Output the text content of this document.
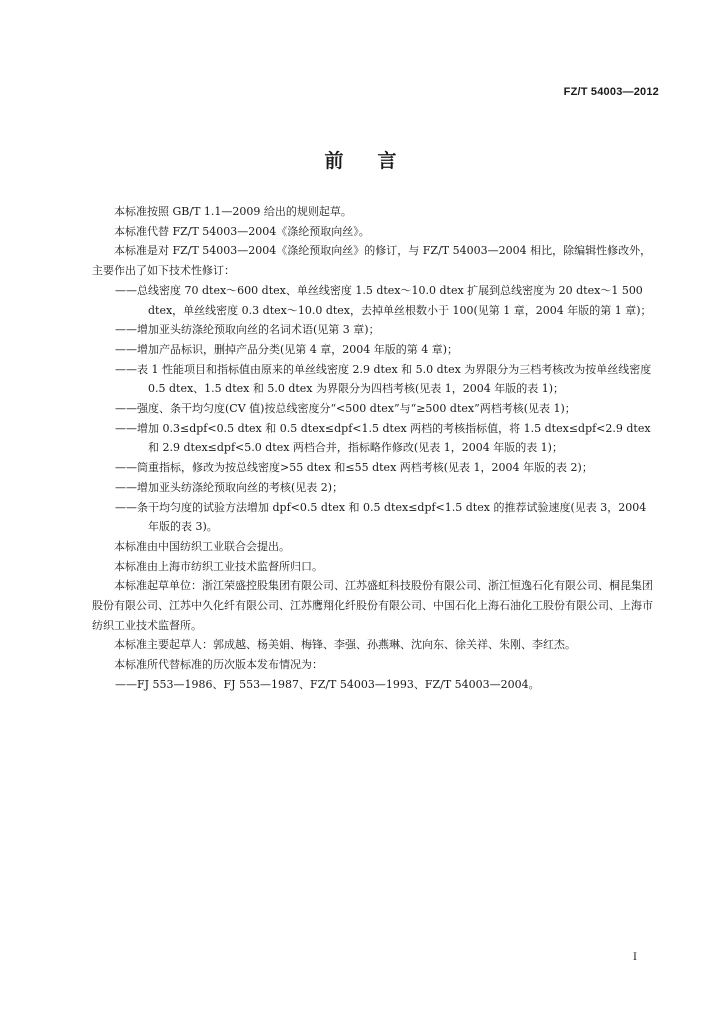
FZ/T 54003—2012
前言

本标准按照 GB/T 1.1—2009 给出的规则起草。

本标准代替 FZ/T 54003—2004《涤纶预取向丝》。

本标准是对 FZ/T 54003—2004《涤纶预取向丝》的修订，与 FZ/T 54003—2004 相比，除编辑性修改外，主要作出了如下技术性修订：

——总线密度 70 dtex～600 dtex、单丝线密度 1.5 dtex～10.0 dtex 扩展到总线密度为 20 dtex～1 500 dtex，单丝线密度 0.3 dtex～10.0 dtex，去掉单丝根数小于 100(见第 1 章，2004 年版的第 1 章)；

——增加亚头纺涤纶预取向丝的名词术语(见第 3 章)；

——增加产品标识，删掉产品分类(见第 4 章，2004 年版的第 4 章)；

——表 1 性能项目和指标值由原来的单丝线密度 2.9 dtex 和 5.0 dtex 为界限分为三档考核改为按单丝线密度 0.5 dtex、1.5 dtex 和 5.0 dtex 为界限分为四档考核(见表 1，2004 年版的表 1)；

——强度、条干均匀度(CV 值)按总线密度分“<500 dtex”与“≥500 dtex”两档考核(见表 1)；

——增加 0.3≤dpf<0.5 dtex 和 0.5 dtex≤dpf<1.5 dtex 两档的考核指标值，将 1.5 dtex≤dpf<2.9 dtex 和 2.9 dtex≤dpf<5.0 dtex 两档合并，指标略作修改(见表 1，2004 年版的表 1)；

——筒重指标，修改为按总线密度>55 dtex 和≤55 dtex 两档考核(见表 1，2004 年版的表 2)；

——增加亚头纺涤纶预取向丝的考核(见表 2)；

——条干均匀度的试验方法增加 dpf<0.5 dtex 和 0.5 dtex≤dpf<1.5 dtex 的推荐试验速度(见表 3，2004 年版的表 3)。

本标准由中国纺织工业联合会提出。

本标准由上海市纺织工业技术监督所归口。

本标准起草单位：浙江荣盛控股集团有限公司、江苏盛虹科技股份有限公司、浙江恒逸石化有限公司、桐昆集团股份有限公司、江苏中久化纤有限公司、江苏鹰翔化纤股份有限公司、中国石化上海石油化工股份有限公司、上海市纺织工业技术监督所。

本标准主要起草人：郭成越、杨美娟、梅锋、李强、孙燕琳、沈向东、徐关祥、朱刚、李红杰。

本标准所代替标准的历次版本发布情况为：

——FJ 553—1986、FJ 553—1987、FZ/T 54003—1993、FZ/T 54003—2004。

I
